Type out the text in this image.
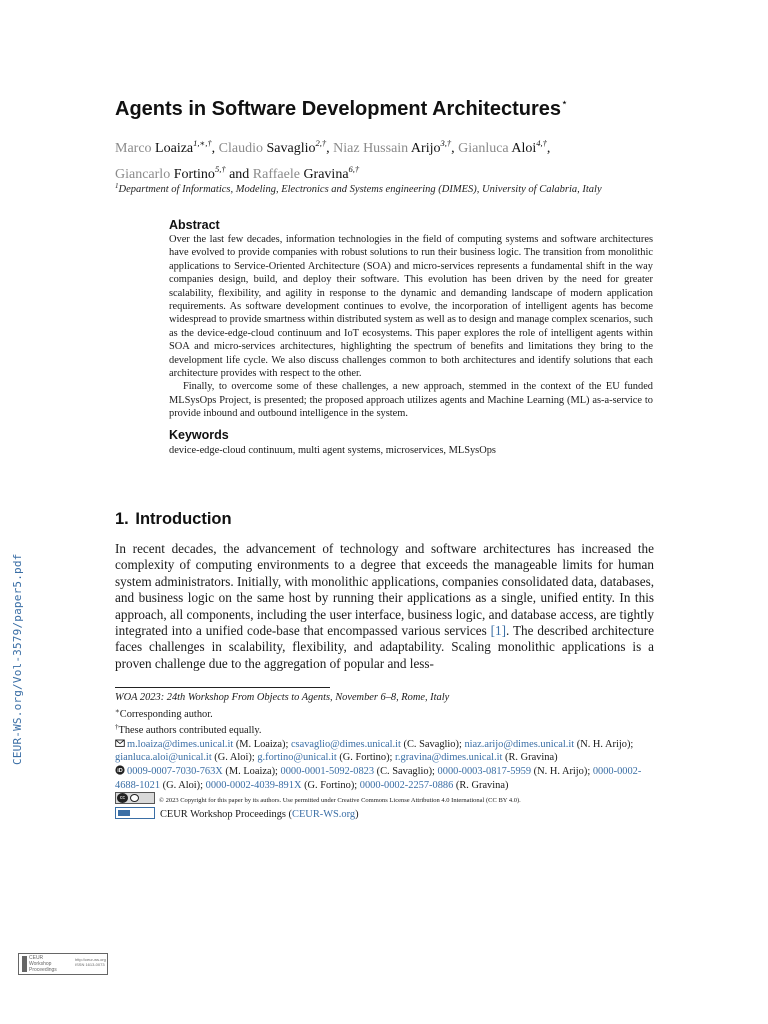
CEUR-WS.org/Vol-3579/paper5.pdf
Agents in Software Development Architectures⋆
Marco Loaiza$^{1,∗,\dagger}$, Claudio Savaglio$^{2,\dagger}$, Niaz Hussain Arijo$^{3,\dagger}$, Gianluca Aloi$^{4,\dagger}$,
Giancarlo Fortino$^{5,\dagger}$ and Raffaele Gravina$^{6,\dagger}$
$^1$Department of Informatics, Modeling, Electronics and Systems engineering (DIMES), University of Calabria, Italy
Abstract

Over the last few decades, information technologies in the field of computing systems and software architectures have evolved to provide companies with robust solutions to run their business logic. The transition from monolithic applications to Service-Oriented Architecture (SOA) and micro-services represents a fundamental shift in the way companies design, build, and deploy their software. This evolution has been driven by the need for greater scalability, flexibility, and agility in response to the dynamic and demanding landscape of modern application requirements. As software development continues to evolve, the incorporation of intelligent agents has become widespread to provide smartness within distributed system as well as to design and manage complex scenarios, such as the device-edge-cloud continuum and IoT ecosystems. This paper explores the role of intelligent agents within SOA and micro-services architectures, highlighting the spectrum of benefits and limitations they bring to the development life cycle. We also discuss challenges common to both architectures and identify solutions that each architecture provides with respect to the other.

Finally, to overcome some of these challenges, a new approach, stemmed in the context of the EU funded MLSysOps Project, is presented; the proposed approach utilizes agents and Machine Learning (ML) as-a-service to provide inbound and outbound intelligence in the system.

Keywords
device-edge-cloud continuum, multi agent systems, microservices, MLSysOps
1. Introduction
In recent decades, the advancement of technology and software architectures has increased the complexity of computing environments to a degree that exceeds the manageable limits for human system administrators. Initially, with monolithic applications, companies consolidated data, databases, and business logic on the same host by running their applications as a single, unified entity. In this approach, all components, including the user interface, business logic, and database access, are tightly integrated into a unified code-base that encompassed various services [1]. The described architecture faces challenges in scalability, flexibility, and adaptability. Scaling monolithic applications is a proven challenge due to the aggregation of popular and less-
WOA 2023: 24th Workshop From Objects to Agents, November 6–8, Rome, Italy
∗Corresponding author.
†These authors contributed equally.
m.loaiza@dimes.unical.it (M. Loaiza); csavaglio@dimes.unical.it (C. Savaglio); niaz.arijo@dimes.unical.it (N. H. Arijo); gianluca.aloi@unical.it (G. Aloi); g.fortino@unical.it (G. Fortino); r.gravina@dimes.unical.it (R. Gravina)
iD 0009-0007-7030-763X (M. Loaiza); 0000-0001-5092-0823 (C. Savaglio); 0000-0003-0817-5959 (N. H. Arijo); 0000-0002-4688-1021 (G. Aloi); 0000-0002-4039-891X (G. Fortino); 0000-0002-2257-0886 (R. Gravina)
cc	© 2023 Copyright for this paper by its authors. Use permitted under Creative Commons License Attribution 4.0 International (CC BY 4.0).
CEUR Workshop Proceedings (CEUR-WS.org)
CEUR
Workshop
Proceedings
http://ceur-ws.org
ISSN 1613-0073
